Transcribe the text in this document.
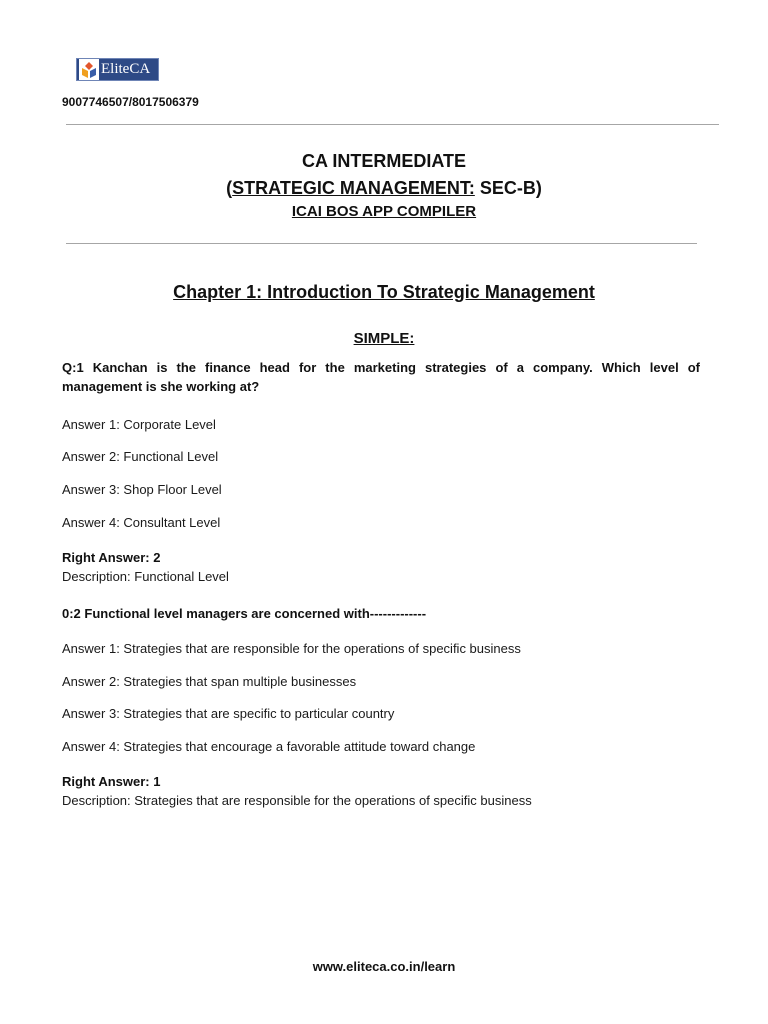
EliteCA
9007746507/8017506379
CA INTERMEDIATE
(STRATEGIC MANAGEMENT: SEC-B)
ICAI BOS APP COMPILER
Chapter 1: Introduction To Strategic Management
SIMPLE:
Q:1 Kanchan is the finance head for the marketing strategies of a company. Which level of management is she working at?
Answer 1: Corporate Level
Answer 2: Functional Level
Answer 3: Shop Floor Level
Answer 4: Consultant Level
Right Answer: 2
Description: Functional Level
0:2 Functional level managers are concerned with-------------
Answer 1: Strategies that are responsible for the operations of specific business
Answer 2: Strategies that span multiple businesses
Answer 3: Strategies that are specific to particular country
Answer 4: Strategies that encourage a favorable attitude toward change
Right Answer: 1
Description: Strategies that are responsible for the operations of specific business
www.eliteca.co.in/learn
